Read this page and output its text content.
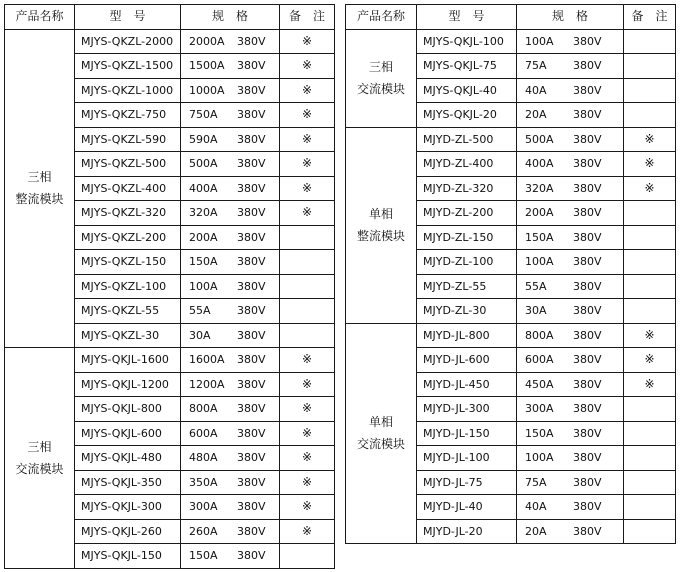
产品名称	型　号	规　格	备　注

三相
整流模块	MJYS-QKZL-2000	2000A 380V	※
	MJYS-QKZL-1500	1500A 380V	※
	MJYS-QKZL-1000	1000A 380V	※
	MJYS-QKZL-750	750A 380V	※
	MJYS-QKZL-590	590A 380V	※
	MJYS-QKZL-500	500A 380V	※
	MJYS-QKZL-400	400A 380V	※
	MJYS-QKZL-320	320A 380V	※
	MJYS-QKZL-200	200A 380V	
	MJYS-QKZL-150	150A 380V	
	MJYS-QKZL-100	100A 380V	
	MJYS-QKZL-55	55A 380V	
	MJYS-QKZL-30	30A 380V	

三相
交流模块	MJYS-QKJL-1600	1600A 380V	※
	MJYS-QKJL-1200	1200A 380V	※
	MJYS-QKJL-800	800A 380V	※
	MJYS-QKJL-600	600A 380V	※
	MJYS-QKJL-480	480A 380V	※
	MJYS-QKJL-350	350A 380V	※
	MJYS-QKJL-300	300A 380V	※
	MJYS-QKJL-260	260A 380V	※
	MJYS-QKJL-150	150A 380V	
产品名称	型　号	规　格	备　注

三相
交流模块	MJYS-QKJL-100	100A 380V	
	MJYS-QKJL-75	75A 380V	
	MJYS-QKJL-40	40A 380V	
	MJYS-QKJL-20	20A 380V	

单相
整流模块	MJYD-ZL-500	500A 380V	※
	MJYD-ZL-400	400A 380V	※
	MJYD-ZL-320	320A 380V	※
	MJYD-ZL-200	200A 380V	
	MJYD-ZL-150	150A 380V	
	MJYD-ZL-100	100A 380V	
	MJYD-ZL-55	55A 380V	
	MJYD-ZL-30	30A 380V	

单相
交流模块	MJYD-JL-800	800A 380V	※
	MJYD-JL-600	600A 380V	※
	MJYD-JL-450	450A 380V	※
	MJYD-JL-300	300A 380V	
	MJYD-JL-150	150A 380V	
	MJYD-JL-100	100A 380V	
	MJYD-JL-75	75A 380V	
	MJYD-JL-40	40A 380V	
	MJYD-JL-20	20A 380V	
